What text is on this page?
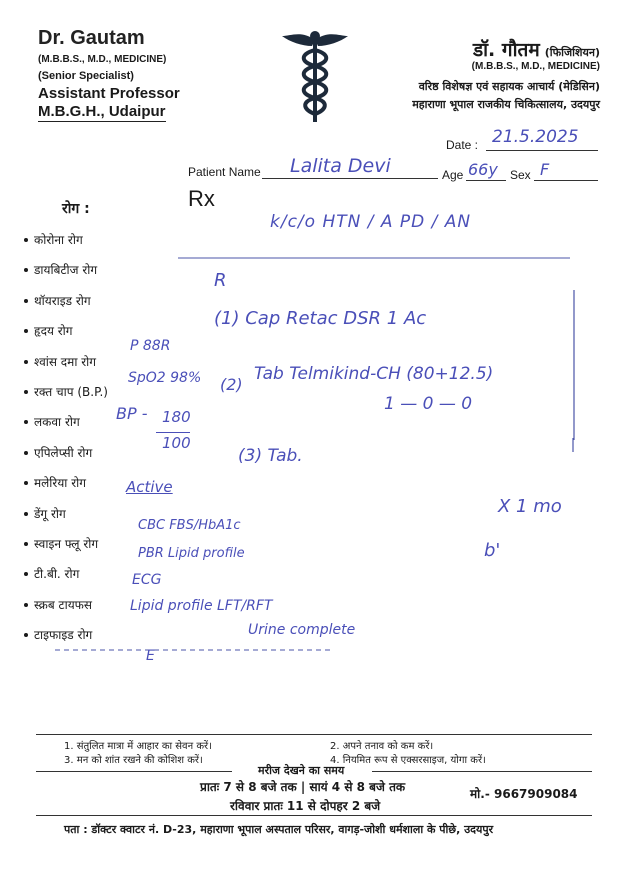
Dr. Gautam
(M.B.B.S., M.D., MEDICINE)
(Senior Specialist)
Assistant Professor
M.B.G.H., Udaipur
डॉ. गौतम (फिजिशियन)
(M.B.B.S., M.D., MEDICINE)
वरिष्ठ विशेषज्ञ एवं सहायक आचार्य (मेडिसिन)
महाराणा भूपाल राजकीय चिकित्सालय, उदयपुर
Date : 21.5.2025
Patient Name Lalita Devi	Age 66y Sex F
Rx
रोग :
कोरोना रोग
डायबिटीज रोग
थॉयराइड रोग
हृदय रोग
श्वांस दमा रोग
रक्त चाप (B.P.)
लकवा रोग
एपिलेप्सी रोग
मलेरिया रोग
डेंगू रोग
स्वाइन फ्लू रोग
टी.बी. रोग
स्क्रब टायफस
टाइफाइड रोग
k/c/o HTN / A PD / AN
R
(1) Cap Retac DSR 1 Ac
(2)
Tab Telmikind-CH (80+12.5)
1 — 0 — 0
(3) Tab.
P 88R
SpO2 98%
BP - 180
100
Active
CBC FBS/HbA1c
PBR Lipid profile
ECG
Lipid profile LFT/RFT
Urine complete
X 1 mo
b'
E
1. संतुलित मात्रा में आहार का सेवन करें।	2. अपने तनाव को कम करें।
3. मन को शांत रखने की कोशिश करें।	4. नियमित रूप से एक्सरसाइज, योगा करें।
मरीज देखने का समय
प्रातः 7 से 8 बजे तक | सायं 4 से 8 बजे तक
रविवार प्रातः 11 से दोपहर 2 बजे
मो.- 9667909084
पता : डॉक्टर क्वाटर नं. D-23, महाराणा भूपाल अस्पताल परिसर, वागड़-जोशी धर्मशाला के पीछे, उदयपुर
